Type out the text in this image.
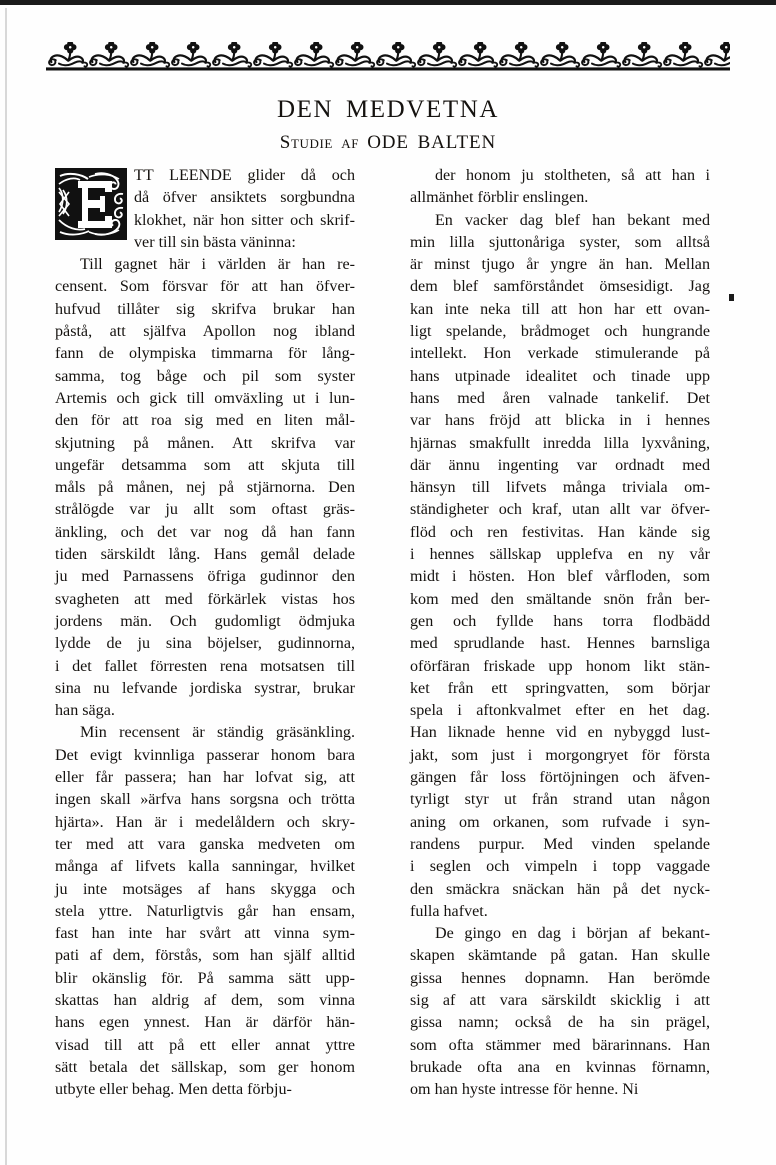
DEN MEDVETNA
Studie af ODE BALTEN

TT LEENDE glider då och
då öfver ansiktets sorgbundna
klokhet, när hon sitter och skrif-
ver till sin bästa väninna:

Till gagnet här i världen är han re-
censent. Som försvar för att han öfver-
hufvud tillåter sig skrifva brukar han
påstå, att själfva Apollon nog ibland
fann de olympiska timmarna för lång-
samma, tog båge och pil som syster
Artemis och gick till omväxling ut i lun-
den för att roa sig med en liten mål-
skjutning på månen. Att skrifva var
ungefär detsamma som att skjuta till
måls på månen, nej på stjärnorna. Den
strålögde var ju allt som oftast gräs-
änkling, och det var nog då han fann
tiden särskildt lång. Hans gemål delade
ju med Parnassens öfriga gudinnor den
svagheten att med förkärlek vistas hos
jordens män. Och gudomligt ödmjuka
lydde de ju sina böjelser, gudinnorna,
i det fallet förresten rena motsatsen till
sina nu lefvande jordiska systrar, brukar
han säga.

Min recensent är ständig gräsänkling.
Det evigt kvinnliga passerar honom bara
eller får passera; han har lofvat sig, att
ingen skall »ärfva hans sorgsna och trötta
hjärta». Han är i medelåldern och skry-
ter med att vara ganska medveten om
många af lifvets kalla sanningar, hvilket
ju inte motsäges af hans skygga och
stela yttre. Naturligtvis går han ensam,
fast han inte har svårt att vinna sym-
pati af dem, förstås, som han själf alltid
blir okänslig för. På samma sätt upp-
skattas han aldrig af dem, som vinna
hans egen ynnest. Han är därför hän-
visad till att på ett eller annat yttre
sätt betala det sällskap, som ger honom
utbyte eller behag. Men detta förbju-

der honom ju stoltheten, så att han i
allmänhet förblir enslingen.

En vacker dag blef han bekant med
min lilla sjuttonåriga syster, som alltså
är minst tjugo år yngre än han. Mellan
dem blef samförståndet ömsesidigt. Jag
kan inte neka till att hon har ett ovan-
ligt spelande, brådmoget och hungrande
intellekt. Hon verkade stimulerande på
hans utpinade idealitet och tinade upp
hans med åren valnade tankelif. Det
var hans fröjd att blicka in i hennes
hjärnas smakfullt inredda lilla lyxvåning,
där ännu ingenting var ordnadt med
hänsyn till lifvets många triviala om-
ständigheter och kraf, utan allt var öfver-
flöd och ren festivitas. Han kände sig
i hennes sällskap upplefva en ny vår
midt i hösten. Hon blef vårfloden, som
kom med den smältande snön från ber-
gen och fyllde hans torra flodbädd
med sprudlande hast. Hennes barnsliga
oförfäran friskade upp honom likt stän-
ket från ett springvatten, som börjar
spela i aftonkvalmet efter en het dag.
Han liknade henne vid en nybyggd lust-
jakt, som just i morgongryet för första
gängen får loss förtöjningen och äfven-
tyrligt styr ut från strand utan någon
aning om orkanen, som rufvade i syn-
randens purpur. Med vinden spelande
i seglen och vimpeln i topp vaggade
den smäckra snäckan hän på det nyck-
fulla hafvet.

De gingo en dag i början af bekant-
skapen skämtande på gatan. Han skulle
gissa hennes dopnamn. Han berömde
sig af att vara särskildt skicklig i att
gissa namn; också de ha sin prägel,
som ofta stämmer med bärarinnans. Han
brukade ofta ana en kvinnas förnamn,
om han hyste intresse för henne. Ni
